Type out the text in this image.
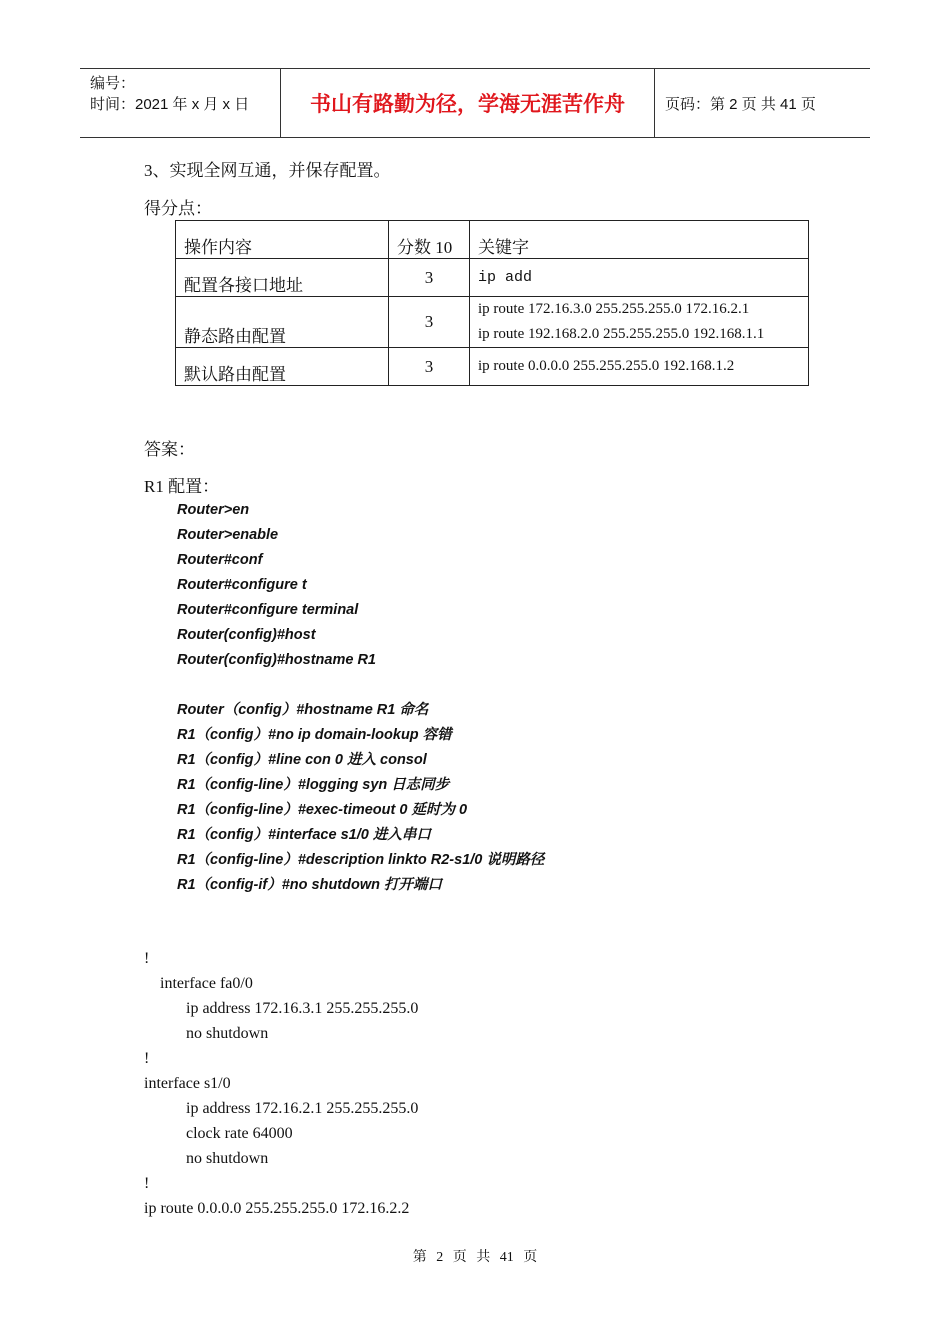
编号：
时间：2021 年 x 月 x 日	书山有路勤为径，学海无涯苦作舟	页码：第 2 页 共 41 页
3、实现全网互通，并保存配置。
得分点：
操作内容	分数 10	关键字
配置各接口地址	3	ip add
静态路由配置	3	ip route 172.16.3.0 255.255.255.0 172.16.2.1
ip route 192.168.2.0 255.255.255.0 192.168.1.1

默认路由配置	3	ip route 0.0.0.0 255.255.255.0 192.168.1.2
答案：
R1 配置：
Router>en
Router>enable
Router#conf
Router#configure t
Router#configure terminal
Router(config)#host
Router(config)#hostname R1
Router（config）#hostname R1 命名
R1（config）#no ip domain-lookup 容错
R1（config）#line con 0 进入 consol
R1（config-line）#logging syn 日志同步
R1（config-line）#exec-timeout 0 延时为 0
R1（config）#interface s1/0 进入串口
R1（config-line）#description linkto R2-s1/0 说明路径
R1（config-if）#no shutdown 打开端口
!
interface fa0/0
ip address 172.16.3.1 255.255.255.0
no shutdown
!
interface s1/0
ip address 172.16.2.1 255.255.255.0
clock rate 64000
no shutdown
!
ip route 0.0.0.0 255.255.255.0 172.16.2.2
第 2 页 共 41 页
